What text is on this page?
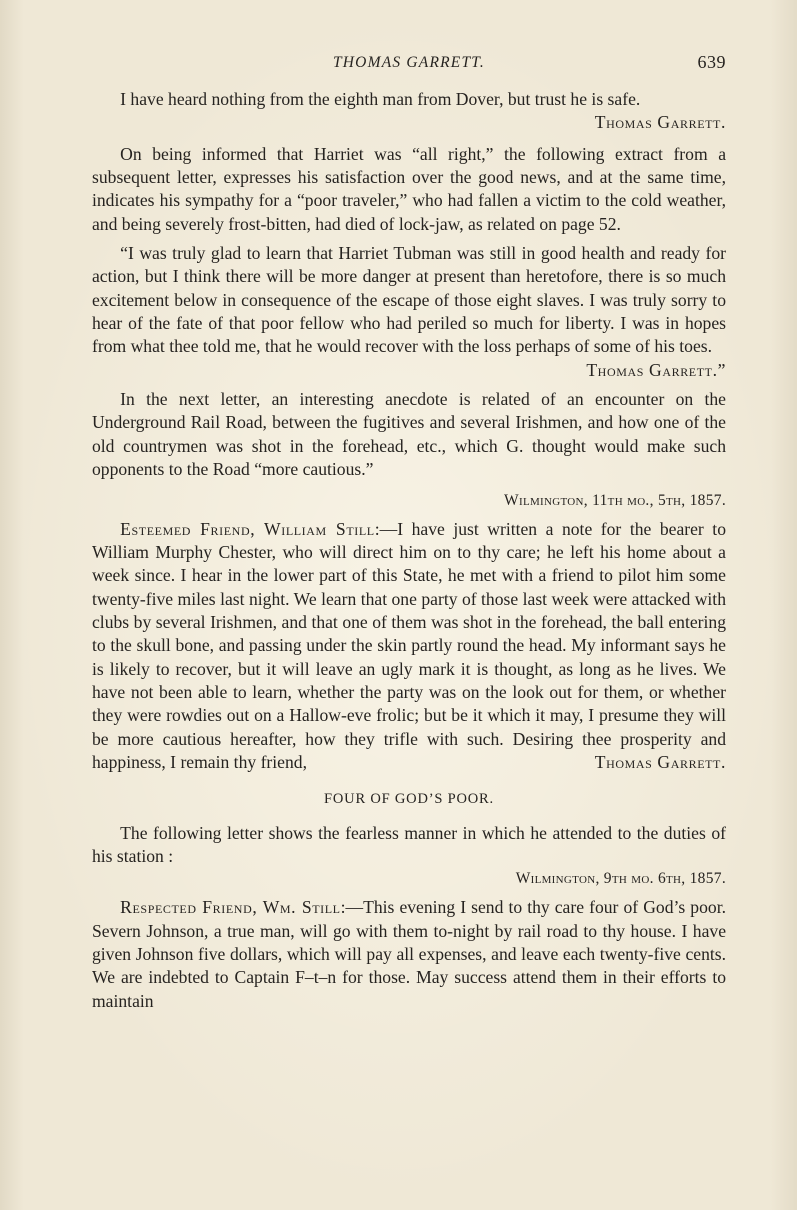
THOMAS GARRETT.	639

I have heard nothing from the eighth man from Dover, but trust he is safe.
Thomas Garrett.

On being informed that Harriet was “all right,” the following extract from a subsequent letter, expresses his satisfaction over the good news, and at the same time, indicates his sympathy for a “poor traveler,” who had fallen a victim to the cold weather, and being severely frost-bitten, had died of lock-jaw, as related on page 52.

“I was truly glad to learn that Harriet Tubman was still in good health and ready for action, but I think there will be more danger at present than heretofore, there is so much excitement below in consequence of the escape of those eight slaves. I was truly sorry to hear of the fate of that poor fellow who had periled so much for liberty. I was in hopes from what thee told me, that he would recover with the loss perhaps of some of his toes.

Thomas Garrett.”

In the next letter, an interesting anecdote is related of an encounter on the Underground Rail Road, between the fugitives and several Irishmen, and how one of the old countrymen was shot in the forehead, etc., which G. thought would make such opponents to the Road “more cautious.”

Wilmington, 11th mo., 5th, 1857.

Esteemed Friend, William Still:—I have just written a note for the bearer to William Murphy Chester, who will direct him on to thy care; he left his home about a week since. I hear in the lower part of this State, he met with a friend to pilot him some twenty-five miles last night. We learn that one party of those last week were attacked with clubs by several Irishmen, and that one of them was shot in the forehead, the ball entering to the skull bone, and passing under the skin partly round the head. My informant says he is likely to recover, but it will leave an ugly mark it is thought, as long as he lives. We have not been able to learn, whether the party was on the look out for them, or whether they were rowdies out on a Hallow-eve frolic; but be it which it may, I presume they will be more cautious hereafter, how they trifle with such. Desiring thee prosperity and happiness, I remain thy friend,	Thomas Garrett.

FOUR OF GOD’S POOR.

The following letter shows the fearless manner in which he attended to the duties of his station :

Wilmington, 9th mo. 6th, 1857.

Respected Friend, Wm. Still:—This evening I send to thy care four of God’s poor. Severn Johnson, a true man, will go with them to-night by rail road to thy house. I have given Johnson five dollars, which will pay all expenses, and leave each twenty-five cents. We are indebted to Captain F–t–n for those. May success attend them in their efforts to maintain
